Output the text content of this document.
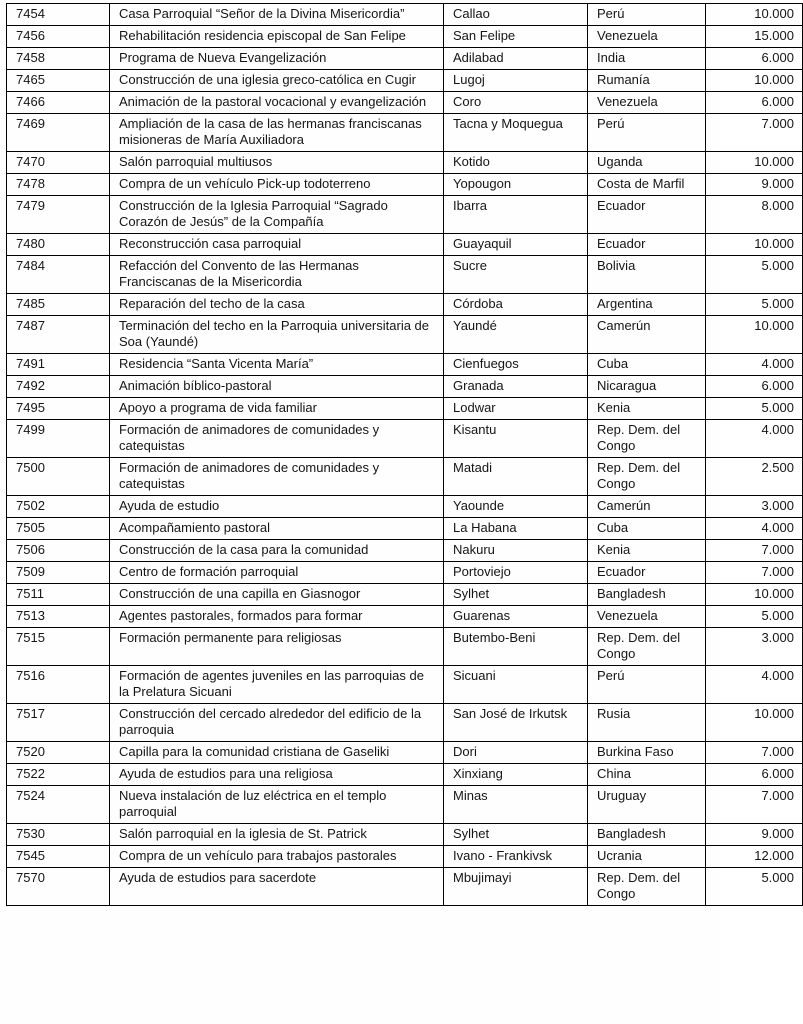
7454	Casa Parroquial “Señor de la Divina Misericordia”	Callao	Perú	10.000
7456	Rehabilitación residencia episcopal de San Felipe	San Felipe	Venezuela	15.000
7458	Programa de Nueva Evangelización	Adilabad	India	6.000
7465	Construcción de una iglesia greco-católica en Cugir	Lugoj	Rumanía	10.000
7466	Animación de la pastoral vocacional y evangelización	Coro	Venezuela	6.000
7469	Ampliación de la casa de las hermanas franciscanas misioneras de María Auxiliadora	Tacna y Moquegua	Perú	7.000
7470	Salón parroquial multiusos	Kotido	Uganda	10.000
7478	Compra de un vehículo Pick-up todoterreno	Yopougon	Costa de Marfil	9.000
7479	Construcción de la Iglesia Parroquial “Sagrado Corazón de Jesús” de la Compañía	Ibarra	Ecuador	8.000
7480	Reconstrucción casa parroquial	Guayaquil	Ecuador	10.000
7484	Refacción del Convento de las Hermanas Franciscanas de la Misericordia	Sucre	Bolivia	5.000
7485	Reparación del techo de la casa	Córdoba	Argentina	5.000
7487	Terminación del techo en la Parroquia universitaria de Soa (Yaundé)	Yaundé	Camerún	10.000
7491	Residencia “Santa Vicenta María”	Cienfuegos	Cuba	4.000
7492	Animación bíblico-pastoral	Granada	Nicaragua	6.000
7495	Apoyo a programa de vida familiar	Lodwar	Kenia	5.000
7499	Formación de animadores de comunidades y catequistas	Kisantu	Rep. Dem. del Congo	4.000
7500	Formación de animadores de comunidades y catequistas	Matadi	Rep. Dem. del Congo	2.500
7502	Ayuda de estudio	Yaounde	Camerún	3.000
7505	Acompañamiento pastoral	La Habana	Cuba	4.000
7506	Construcción de la casa para la comunidad	Nakuru	Kenia	7.000
7509	Centro de formación parroquial	Portoviejo	Ecuador	7.000
7511	Construcción de una capilla en Giasnogor	Sylhet	Bangladesh	10.000
7513	Agentes pastorales, formados para formar	Guarenas	Venezuela	5.000
7515	Formación permanente para religiosas	Butembo-Beni	Rep. Dem. del Congo	3.000
7516	Formación de agentes juveniles en las parroquias de la Prelatura Sicuani	Sicuani	Perú	4.000
7517	Construcción del cercado alrededor del edificio de la parroquia	San José de Irkutsk	Rusia	10.000
7520	Capilla para la comunidad cristiana de Gaseliki	Dori	Burkina Faso	7.000
7522	Ayuda de estudios para una religiosa	Xinxiang	China	6.000
7524	Nueva instalación de luz eléctrica en el templo parroquial	Minas	Uruguay	7.000
7530	Salón parroquial en la iglesia de St. Patrick	Sylhet	Bangladesh	9.000
7545	Compra de un vehículo para trabajos pastorales	Ivano - Frankivsk	Ucrania	12.000
7570	Ayuda de estudios para sacerdote	Mbujimayi	Rep. Dem. del Congo	5.000
